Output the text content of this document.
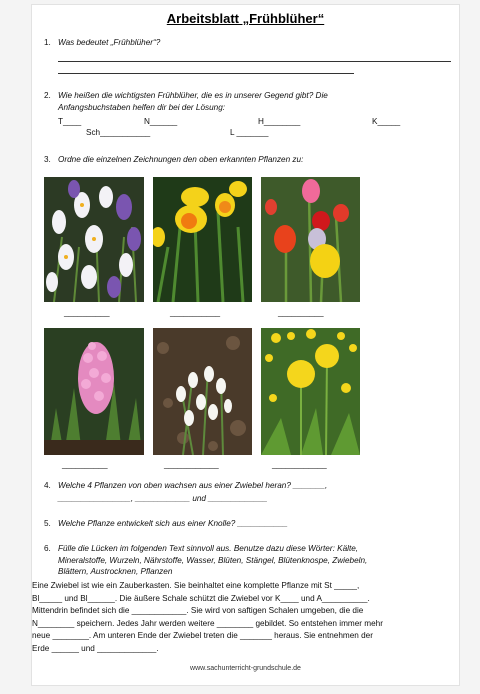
Arbeitsblatt „Frühblüher“
1. Was bedeutet „Frühblüher“?
2. Wie heißen die wichtigsten Frühblüher, die es in unserer Gegend gibt? Die
Anfangsbuchstaben helfen dir bei der Lösung:
T____	N______	H________	K_____
Sch___________	L _______
3. Ordne die einzelnen Zeichnungen den oben erkannten Pflanzen zu:
__________	___________	__________
__________	____________	____________
4. Welche 4 Pflanzen von oben wachsen aus einer Zwiebel heran? _______,
________________, ____________ und _____________
5. Welche Pflanze entwickelt sich aus einer Knolle? ___________
6. Fülle die Lücken im folgenden Text sinnvoll aus. Benutze dazu diese Wörter: Kälte,
Mineralstoffe, Wurzeln, Nährstoffe, Wasser, Blüten, Stängel, Blütenknospe, Zwiebeln,
Blättern, Austrocknen, Pflanzen
Eine Zwiebel ist wie ein Zauberkasten. Sie beinhaltet eine komplette Pflanze mit St _____,
Bl_____ und Bl______. Die äußere Schale schützt die Zwiebel vor K____ und A__________.
Mittendrin befindet sich die ____________. Sie wird von saftigen Schalen umgeben, die die
N________ speichern. Jedes Jahr werden weitere ________ gebildet. So entstehen immer mehr
neue ________. Am unteren Ende der Zwiebel treten die _______ heraus. Sie entnehmen der
Erde ______ und _____________.
www.sachunterricht-grundschule.de
